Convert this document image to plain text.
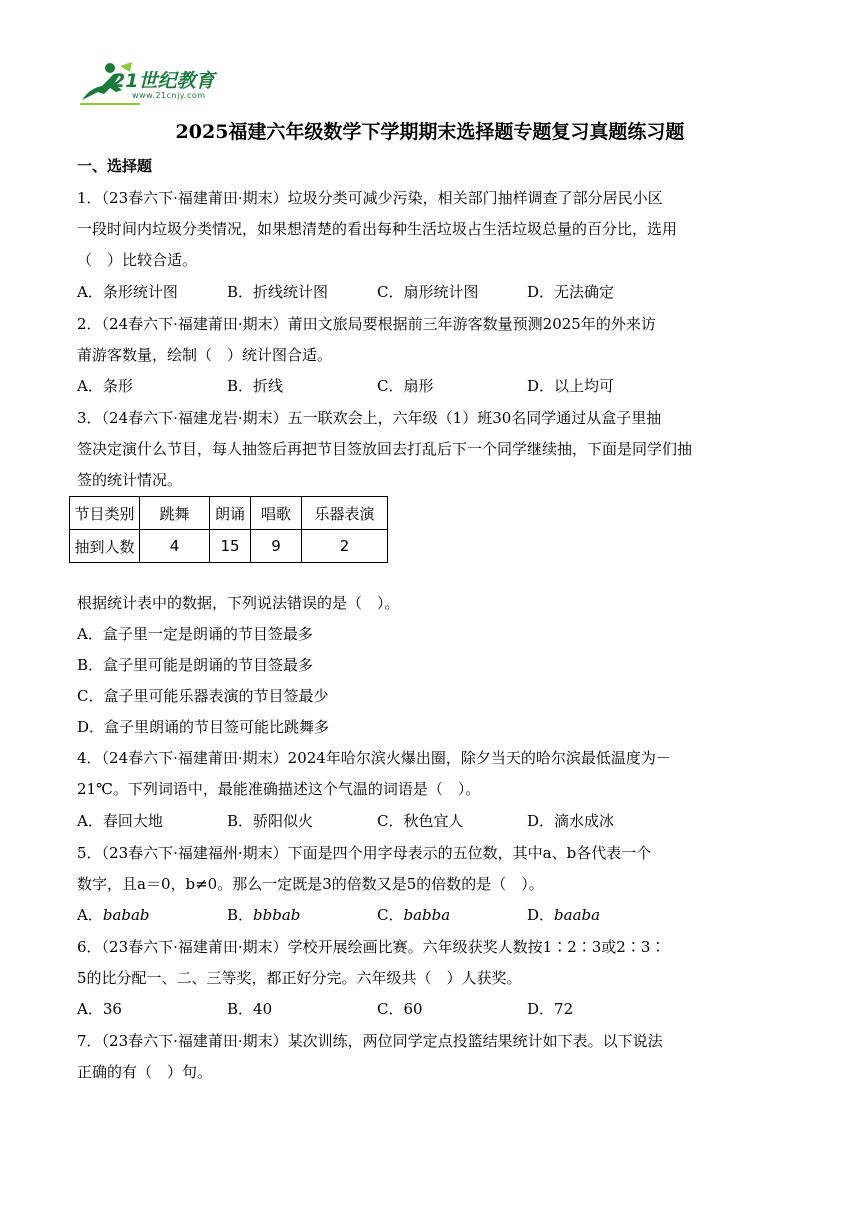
21世纪教育
www.21cnjy.com
2025福建六年级数学下学期期末选择题专题复习真题练习题
一、选择题
1．（23春六下·福建莆田·期末）垃圾分类可减少污染，相关部门抽样调查了部分居民小区
一段时间内垃圾分类情况，如果想清楚的看出每种生活垃圾占生活垃圾总量的百分比，选用
（　）比较合适。
A．条形统计图	B．折线统计图	C．扇形统计图	D．无法确定
2．（24春六下·福建莆田·期末）莆田文旅局要根据前三年游客数量预测2025年的外来访
莆游客数量，绘制（　）统计图合适。
A．条形	B．折线	C．扇形	D．以上均可
3．（24春六下·福建龙岩·期末）五一联欢会上，六年级（1）班30名同学通过从盒子里抽
签决定演什么节目，每人抽签后再把节目签放回去打乱后下一个同学继续抽，下面是同学们抽
签的统计情况。
节目类别	跳舞	朗诵	唱歌	乐器表演
抽到人数	4	15	9	2
根据统计表中的数据，下列说法错误的是（　）。
A．盒子里一定是朗诵的节目签最多
B．盒子里可能是朗诵的节目签最多
C．盒子里可能乐器表演的节目签最少
D．盒子里朗诵的节目签可能比跳舞多
4．（24春六下·福建莆田·期末）2024年哈尔滨火爆出圈，除夕当天的哈尔滨最低温度为－
21℃。下列词语中，最能准确描述这个气温的词语是（　）。
A．春回大地	B．骄阳似火	C．秋色宜人	D．滴水成冰
5．（23春六下·福建福州·期末）下面是四个用字母表示的五位数，其中a、b各代表一个
数字，且a＝0，b≠0。那么一定既是3的倍数又是5的倍数的是（　）。
A．babab	B．bbbab	C．babba	D．baaba
6．（23春六下·福建莆田·期末）学校开展绘画比赛。六年级获奖人数按1∶2∶3或2∶3∶
5的比分配一、二、三等奖，都正好分完。六年级共（　）人获奖。
A．36	B．40	C．60	D．72
7．（23春六下·福建莆田·期末）某次训练，两位同学定点投篮结果统计如下表。以下说法
正确的有（　）句。
